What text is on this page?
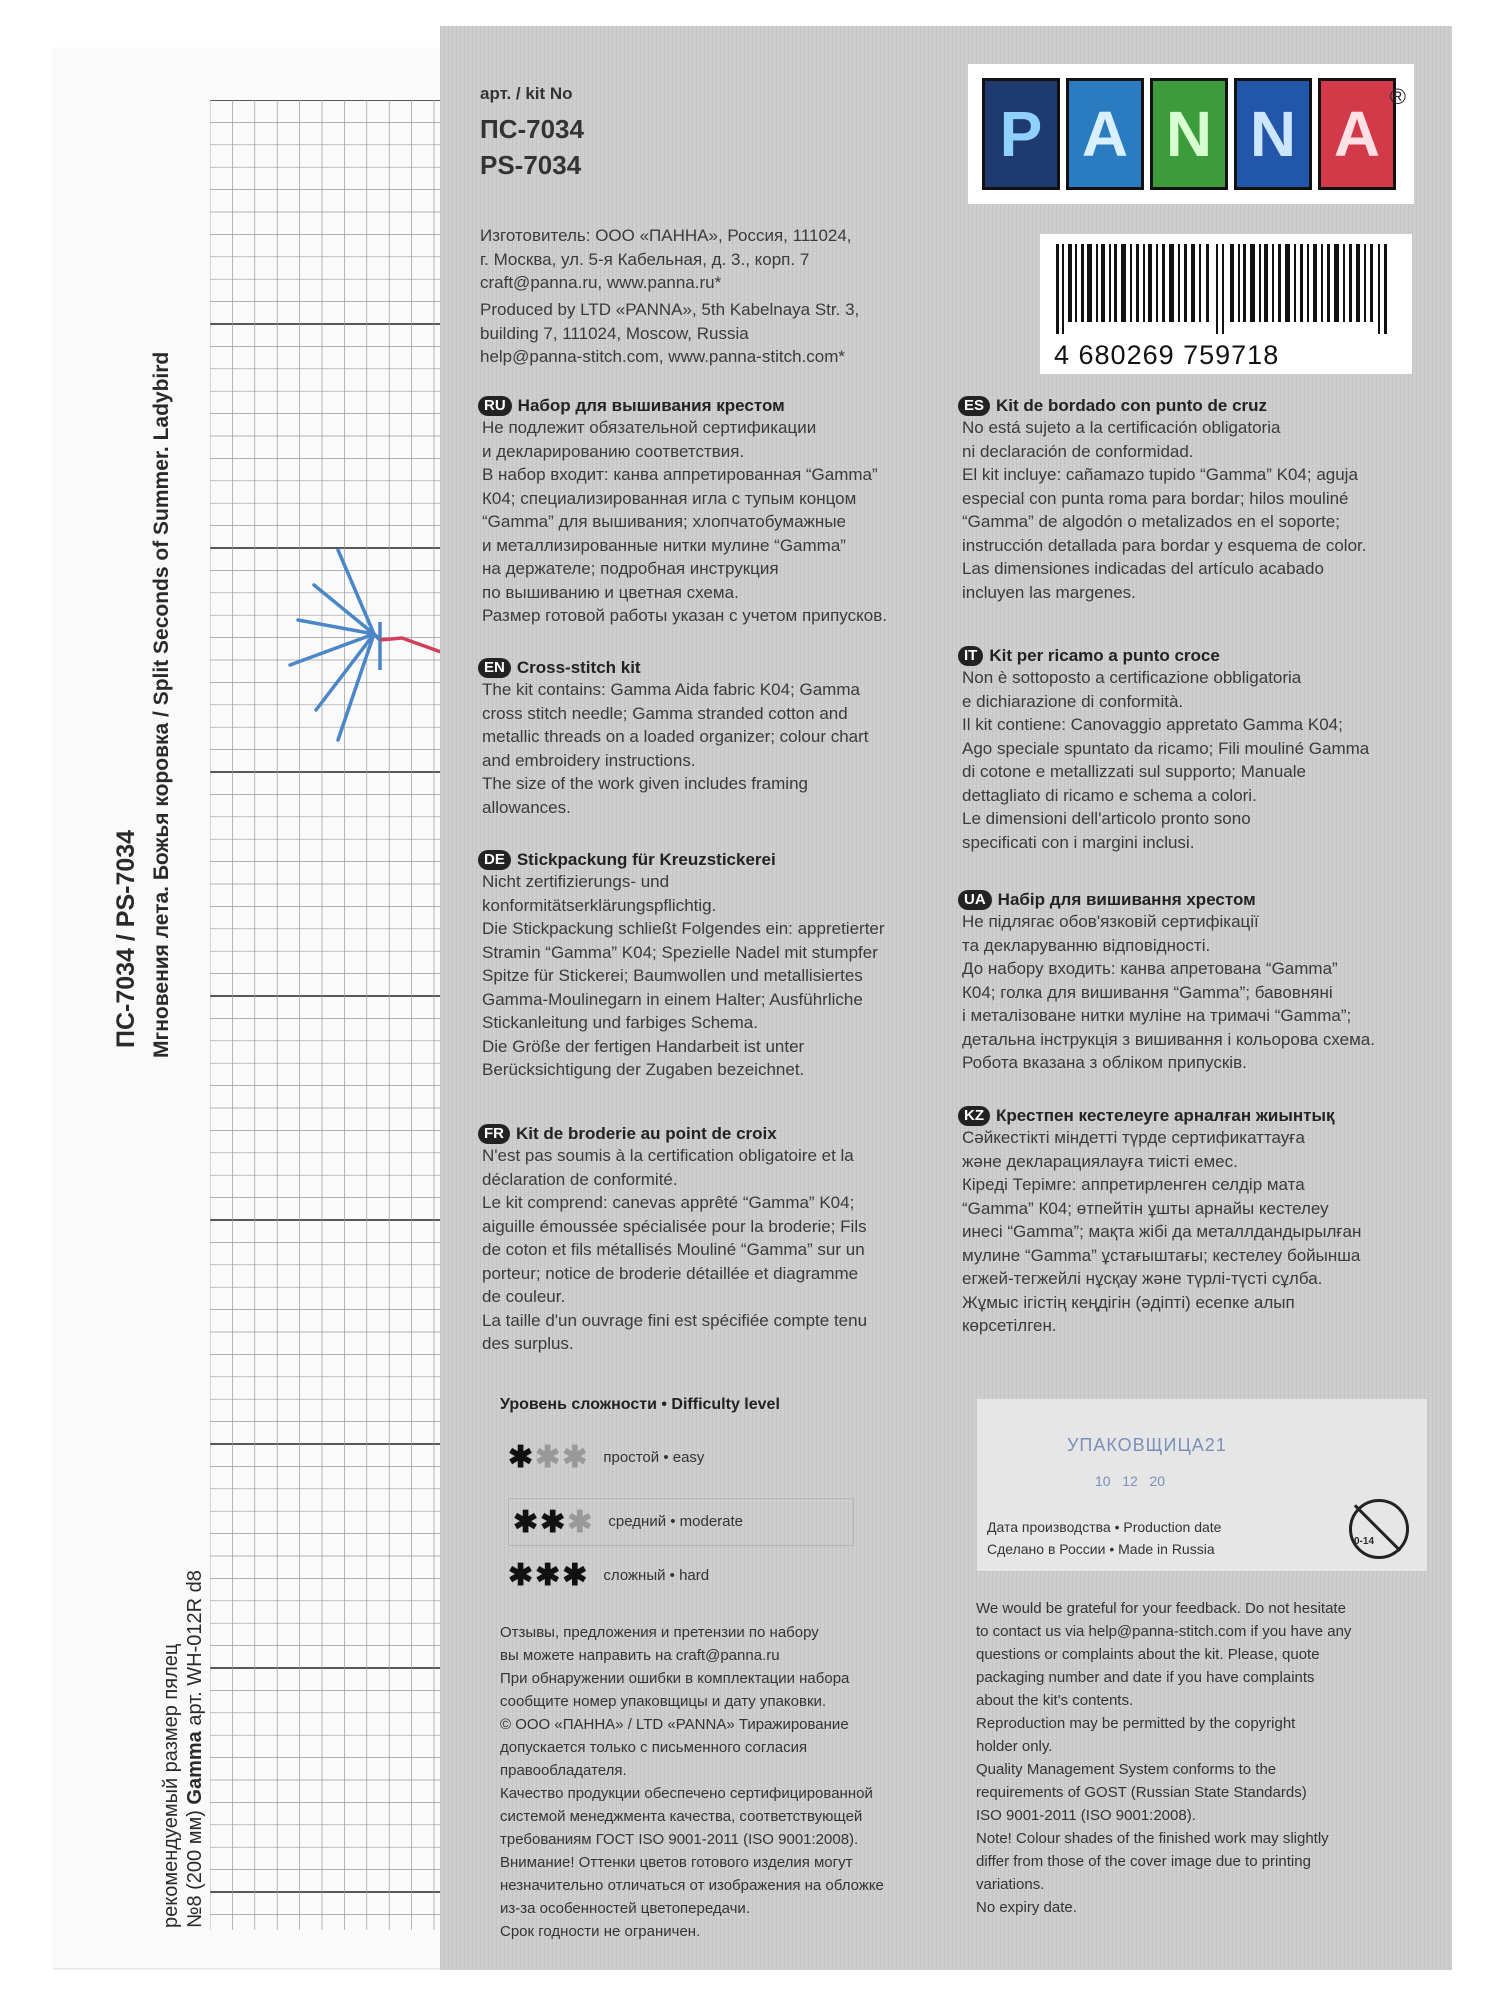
ПС-7034 / PS-7034 Мгновения лета. Божья коровка / Split Seconds of Summer. Ladybird
рекомендуемый размер пялец №8 (200 мм) Gamma арт. WH-012R d8
арт. / kit No
ПС-7034
PS-7034	P A N N A
®
4 680269 759718

Изготовитель: ООО «ПАННА», Россия, 111024,

г. Москва, ул. 5-я Кабельная, д. 3., корп. 7

craft@panna.ru, www.panna.ru*

Produced by LTD «PANNA», 5th Kabelnaya Str. 3,

building 7, 111024, Moscow, Russia

help@panna-stitch.com, www.panna-stitch.com*

RU Набор для вышивания крестом

Не подлежит обязательной сертификации

и декларированию соответствия.

В набор входит: канва аппретированная “Gamma”

К04; специализированная игла с тупым концом

“Gamma” для вышивания; хлопчатобумажные

и металлизированные нитки мулине “Gamma”

на держателе; подробная инструкция

по вышиванию и цветная схема.

Размер готовой работы указан с учетом припусков.

EN Cross-stitch kit

The kit contains: Gamma Aida fabric K04; Gamma

cross stitch needle; Gamma stranded cotton and

metallic threads on a loaded organizer; colour chart

and embroidery instructions.

The size of the work given includes framing

allowances.

DE Stickpackung für Kreuzstickerei

Nicht zertifizierungs- und

konformitätserklärungspflichtig.

Die Stickpackung schließt Folgendes ein: appretierter

Stramin “Gamma” K04; Spezielle Nadel mit stumpfer

Spitze für Stickerei; Baumwollen und metallisiertes

Gamma-Moulinegarn in einem Halter; Ausführliche

Stickanleitung und farbiges Schema.

Die Größe der fertigen Handarbeit ist unter

Berücksichtigung der Zugaben bezeichnet.

FR Kit de broderie au point de croix

N'est pas soumis à la certification obligatoire et la

déclaration de conformité.

Le kit comprend: canevas apprêté “Gamma” K04;

aiguille émoussée spécialisée pour la broderie; Fils

de coton et fils métallisés Mouliné “Gamma” sur un

porteur; notice de broderie détaillée et diagramme

de couleur.

La taille d'un ouvrage fini est spécifiée compte tenu

des surplus.

ES Kit de bordado con punto de cruz

No está sujeto a la certificación obligatoria

ni declaración de conformidad.

El kit incluye: cañamazo tupido “Gamma” K04; aguja

especial con punta roma para bordar; hilos mouliné

“Gamma” de algodón o metalizados en el soporte;

instrucción detallada para bordar y esquema de color.

Las dimensiones indicadas del artículo acabado

incluyen las margenes.

IT Kit per ricamo a punto croce

Non è sottoposto a certificazione obbligatoria

e dichiarazione di conformità.

Il kit contiene: Canovaggio appretato Gamma K04;

Ago speciale spuntato da ricamo; Fili mouliné Gamma

di cotone e metallizzati sul supporto; Manuale

dettagliato di ricamo e schema a colori.

Le dimensioni dell'articolo pronto sono

specificati con i margini inclusi.

UA Набір для вишивання хрестом

Не підлягає обов'язковій сертифікації

та декларуванню відповідності.

До набору входить: канва апретована “Gamma”

К04; голка для вишивання “Gamma”; бавовняні

і металізоване нитки муліне на тримачі “Gamma”;

детальна інструкція з вишивання і кольорова схема.

Робота вказана з обліком припусків.

KZ Крестпен кестелеуге арналған жиынтық

Сәйкестікті міндетті түрде сертификаттауға

және декларациялауға тиісті емес.

Кіреді Терімге: аппретирленген селдір мата

“Gamma” К04; өтпейтін ұшты арнайы кестелеу

инесі “Gamma”; мақта жібі да металлдандырылған

мулине “Gamma” ұстағыштағы; кестелеу бойынша

егжей-тегжейлі нұсқау және түрлі-түсті сұлба.

Жұмыс ігістің кеңдігін (әдіпті) есепке алып

көрсетілген.

Уровень сложности • Difficulty level
✱✱✱ простой • easy
✱✱✱ средний • moderate
✱✱✱ сложный • hard

Отзывы, предложения и претензии по набору

вы можете направить на craft@panna.ru

При обнаружении ошибки в комплектации набора

сообщите номер упаковщицы и дату упаковки.

© ООО «ПАННА» / LTD «PANNA» Тиражирование

допускается только с письменного согласия

правообладателя.

Качество продукции обеспечено сертифицированной

системой менеджмента качества, соответствующей

требованиям ГОСТ ISO 9001-2011 (ISO 9001:2008).

Внимание! Оттенки цветов готового изделия могут

незначительно отличаться от изображения на обложке

из-за особенностей цветопередачи.

Срок годности не ограничен.

УПАКОВЩИЦА21
10   12   20
Дата производства • Production date
Сделано в России • Made in Russia	0-14

We would be grateful for your feedback. Do not hesitate

to contact us via help@panna-stitch.com if you have any

questions or complaints about the kit. Please, quote

packaging number and date if you have complaints

about the kit's contents.

Reproduction may be permitted by the copyright

holder only.

Quality Management System conforms to the

requirements of GOST (Russian State Standards)

ISO 9001-2011 (ISO 9001:2008).

Note! Colour shades of the finished work may slightly

differ from those of the cover image due to printing

variations.

No expiry date.
